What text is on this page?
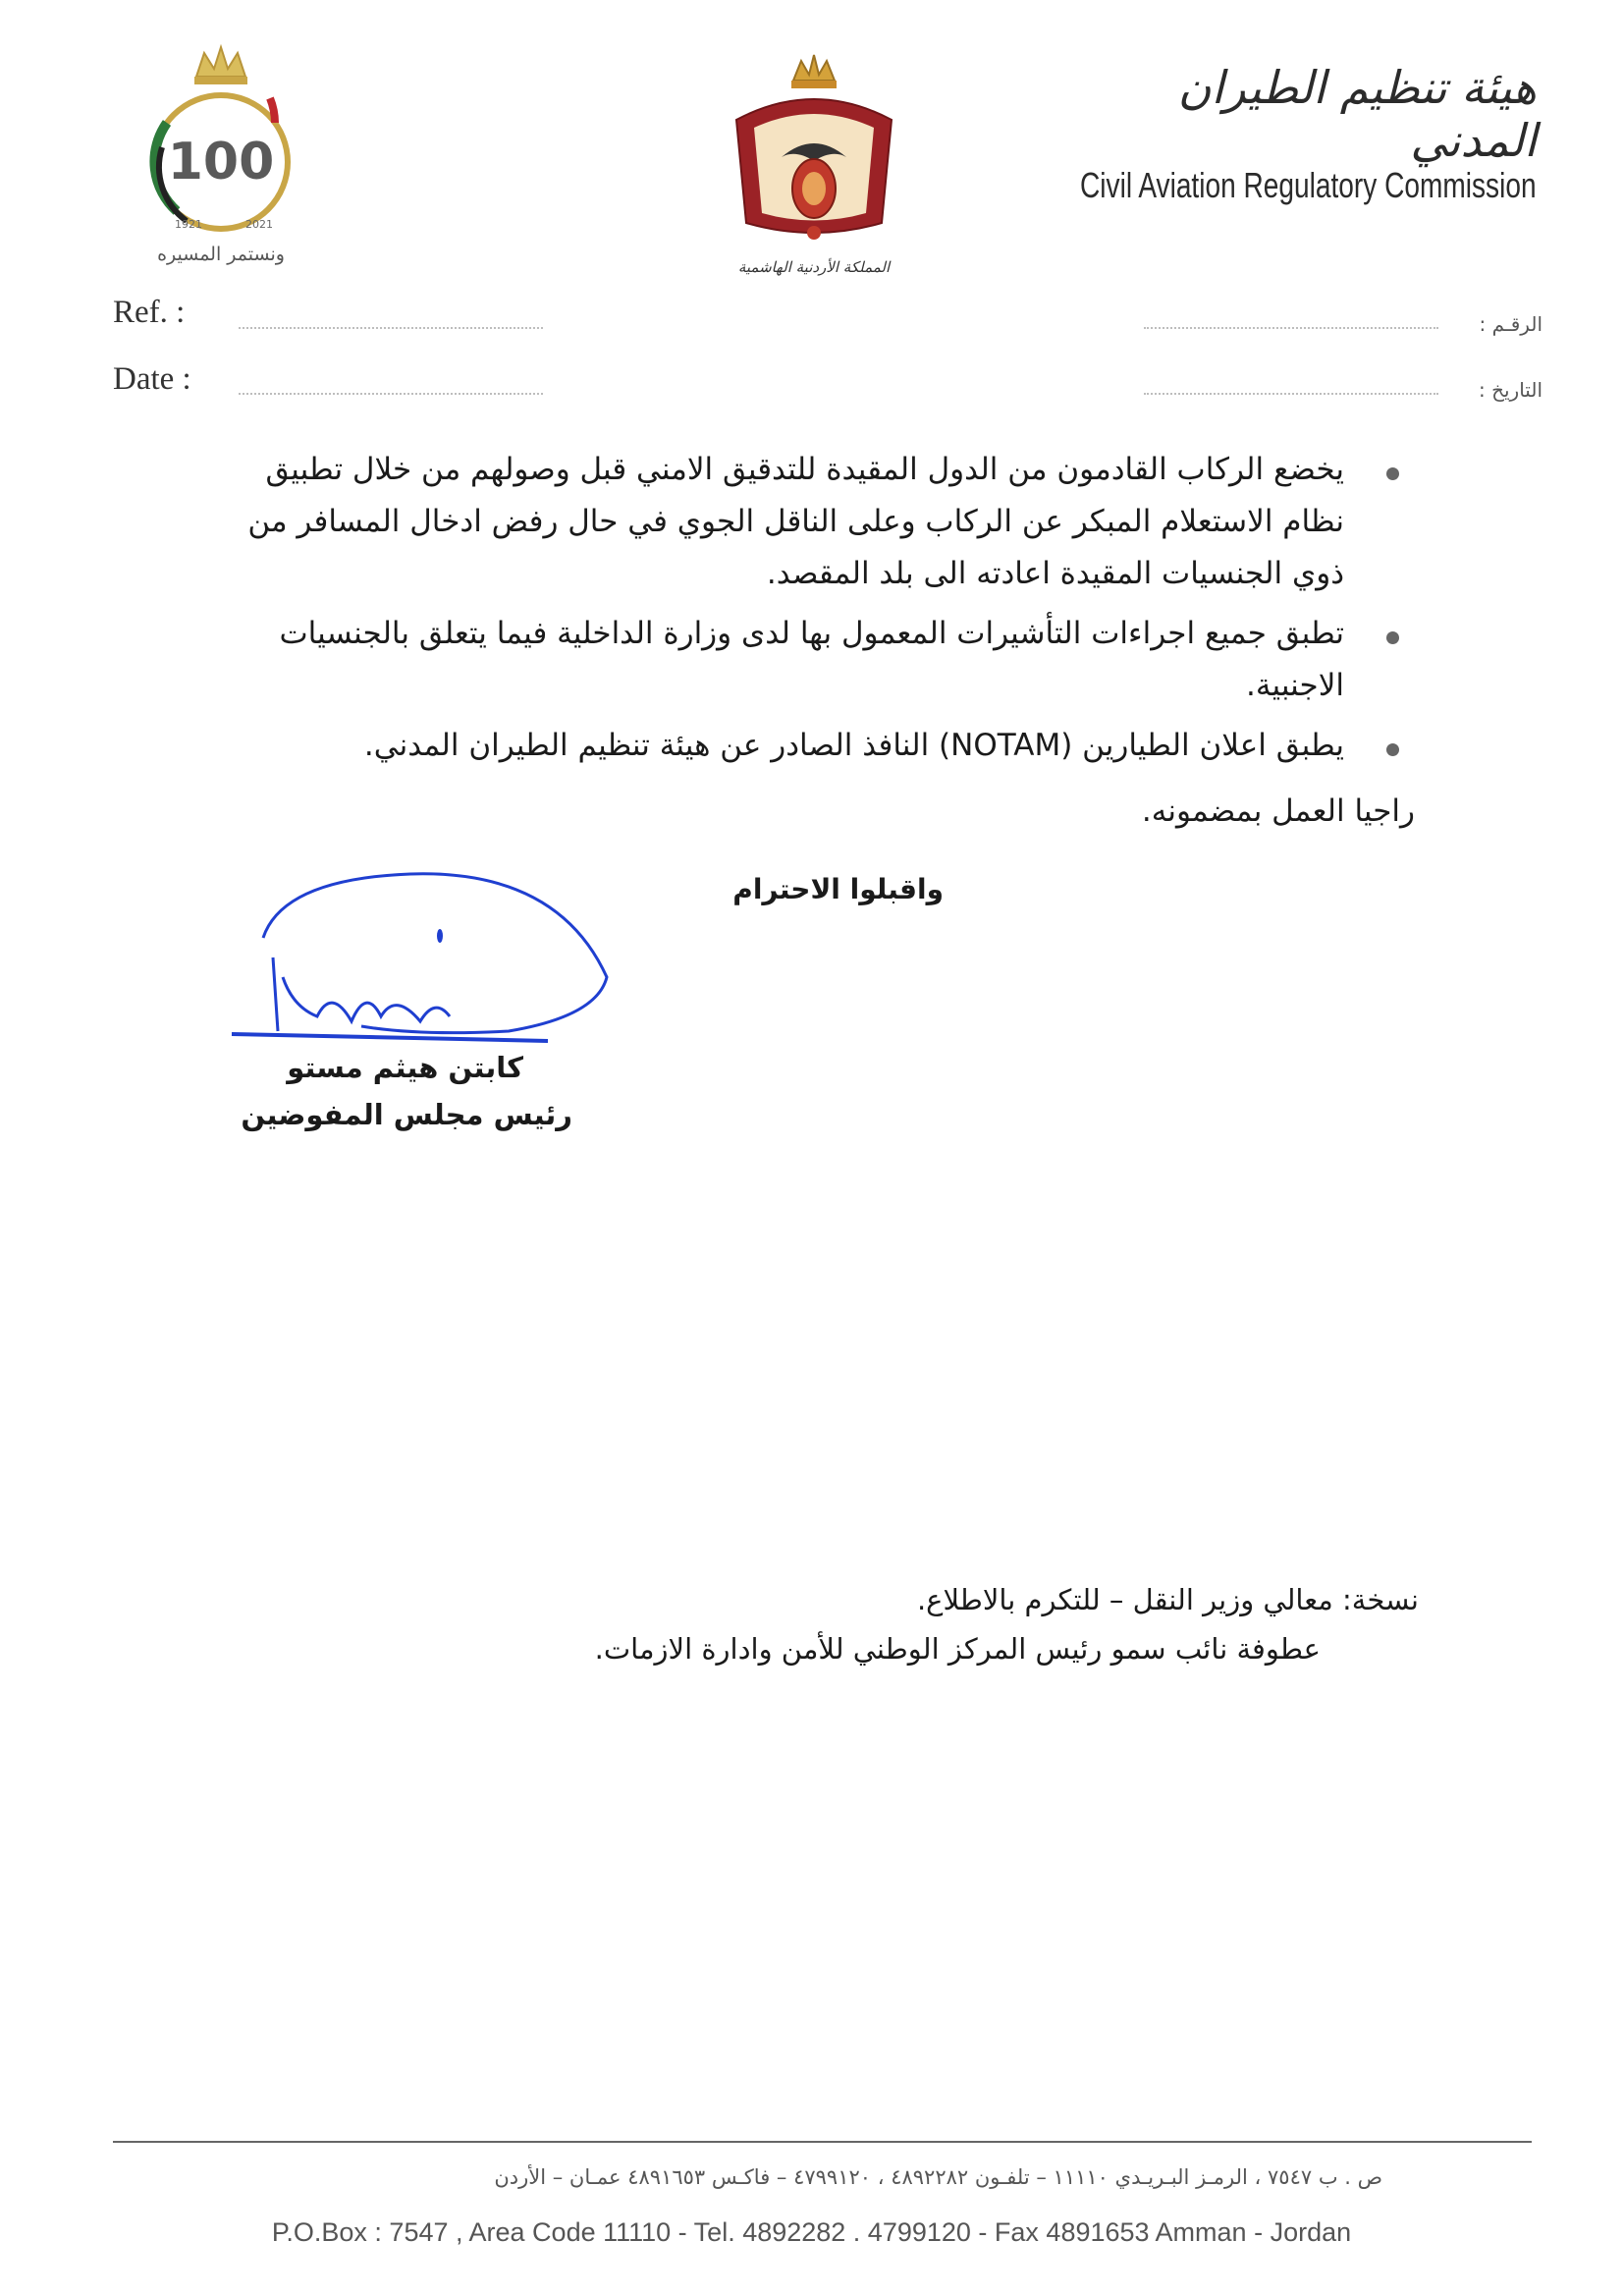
100
1921	2021
ونستمر المسيره
المملكة الأردنية الهاشمية
هيئة تنظيم الطيران المدني
Civil Aviation Regulatory Commission
Ref. :	الرقـم :
Date :	التاريخ :
يخضع الركاب القادمون من الدول المقيدة للتدقيق الامني قبل وصولهم من خلال تطبيق نظام الاستعلام المبكر عن الركاب وعلى الناقل الجوي في حال رفض ادخال المسافر من ذوي الجنسيات المقيدة اعادته الى بلد المقصد.
تطبق جميع اجراءات التأشيرات المعمول بها لدى وزارة الداخلية فيما يتعلق بالجنسيات الاجنبية.
يطبق اعلان الطيارين (NOTAM) النافذ الصادر عن هيئة تنظيم الطيران المدني.
راجيا العمل بمضمونه.
واقبلوا الاحترام
كابتن هيثم مستو
رئيس مجلس المفوضين
نسخة: معالي وزير النقل – للتكرم بالاطلاع.
عطوفة نائب سمو رئيس المركز الوطني للأمن وادارة الازمات.
ص . ب ٧٥٤٧ ، الرمـز البـريـدي ١١١١٠ – تلفـون ٤٨٩٢٢٨٢ ، ٤٧٩٩١٢٠ – فاكـس ٤٨٩١٦٥٣ عمـان – الأردن
P.O.Box : 7547 , Area Code 11110 - Tel. 4892282 . 4799120 - Fax 4891653 Amman - Jordan
